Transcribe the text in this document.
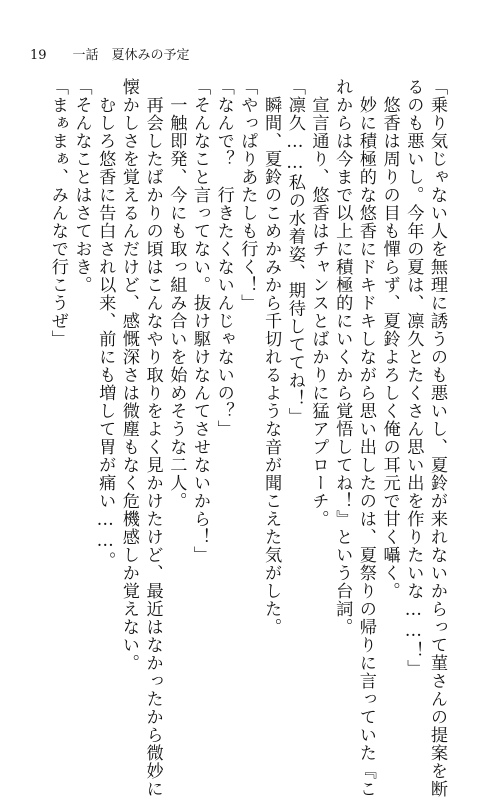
19 一話　夏休みの予定
「乗り気じゃない人を無理に誘うのも悪いし、夏鈴が来れないからって菫さんの提案を断
るのも悪いし。今年の夏は、凛久とたくさん思い出を作りたいな……！」
　悠香は周りの目も憚らず、夏鈴よろしく俺の耳元で甘く囁く。
　妙に積極的な悠香にドキドキしながら思い出したのは、夏祭りの帰りに言っていた『こ
れからは今まで以上に積極的にいくから覚悟してね！』という台詞。
　宣言通り、悠香はチャンスとばかりに猛アプローチ。
「凛久……私の水着姿、期待しててね！」
　瞬間、夏鈴のこめかみから千切れるような音が聞こえた気がした。
「やっぱりあたしも行く！」
「なんで？　行きたくないんじゃないの？」
「そんなこと言ってない。抜け駆けなんてさせないから！」
　一触即発、今にも取っ組み合いを始めそうな二人。
　再会したばかりの頃はこんなやり取りをよく見かけたけど、最近はなかったから微妙に
懐かしさを覚えるんだけど、感慨深さは微塵もなく危機感しか覚えない。
　むしろ悠香に告白され以来、前にも増して胃が痛い……。
「そんなことはさておき。
「まぁまぁ、みんなで行こうぜ」
